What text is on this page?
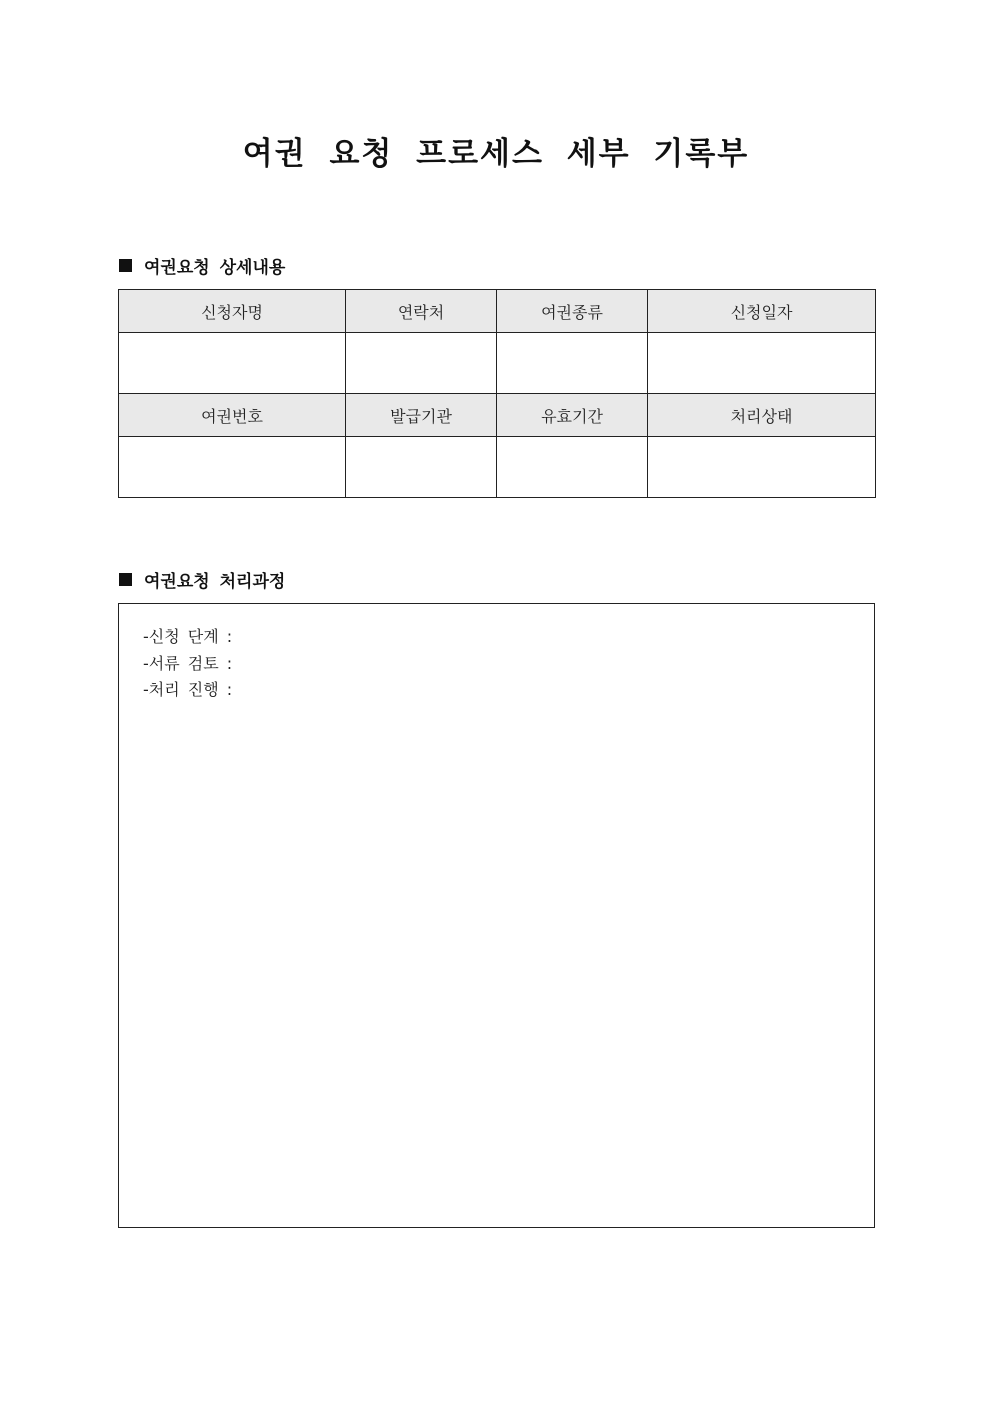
여권 요청 프로세스 세부 기록부
여권요청 상세내용
신청자명	연락처	여권종류	신청일자

여권번호	발급기관	유효기간	처리상태

여권요청 처리과정
-신청 단계 :
-서류 검토 :
-처리 진행 :
